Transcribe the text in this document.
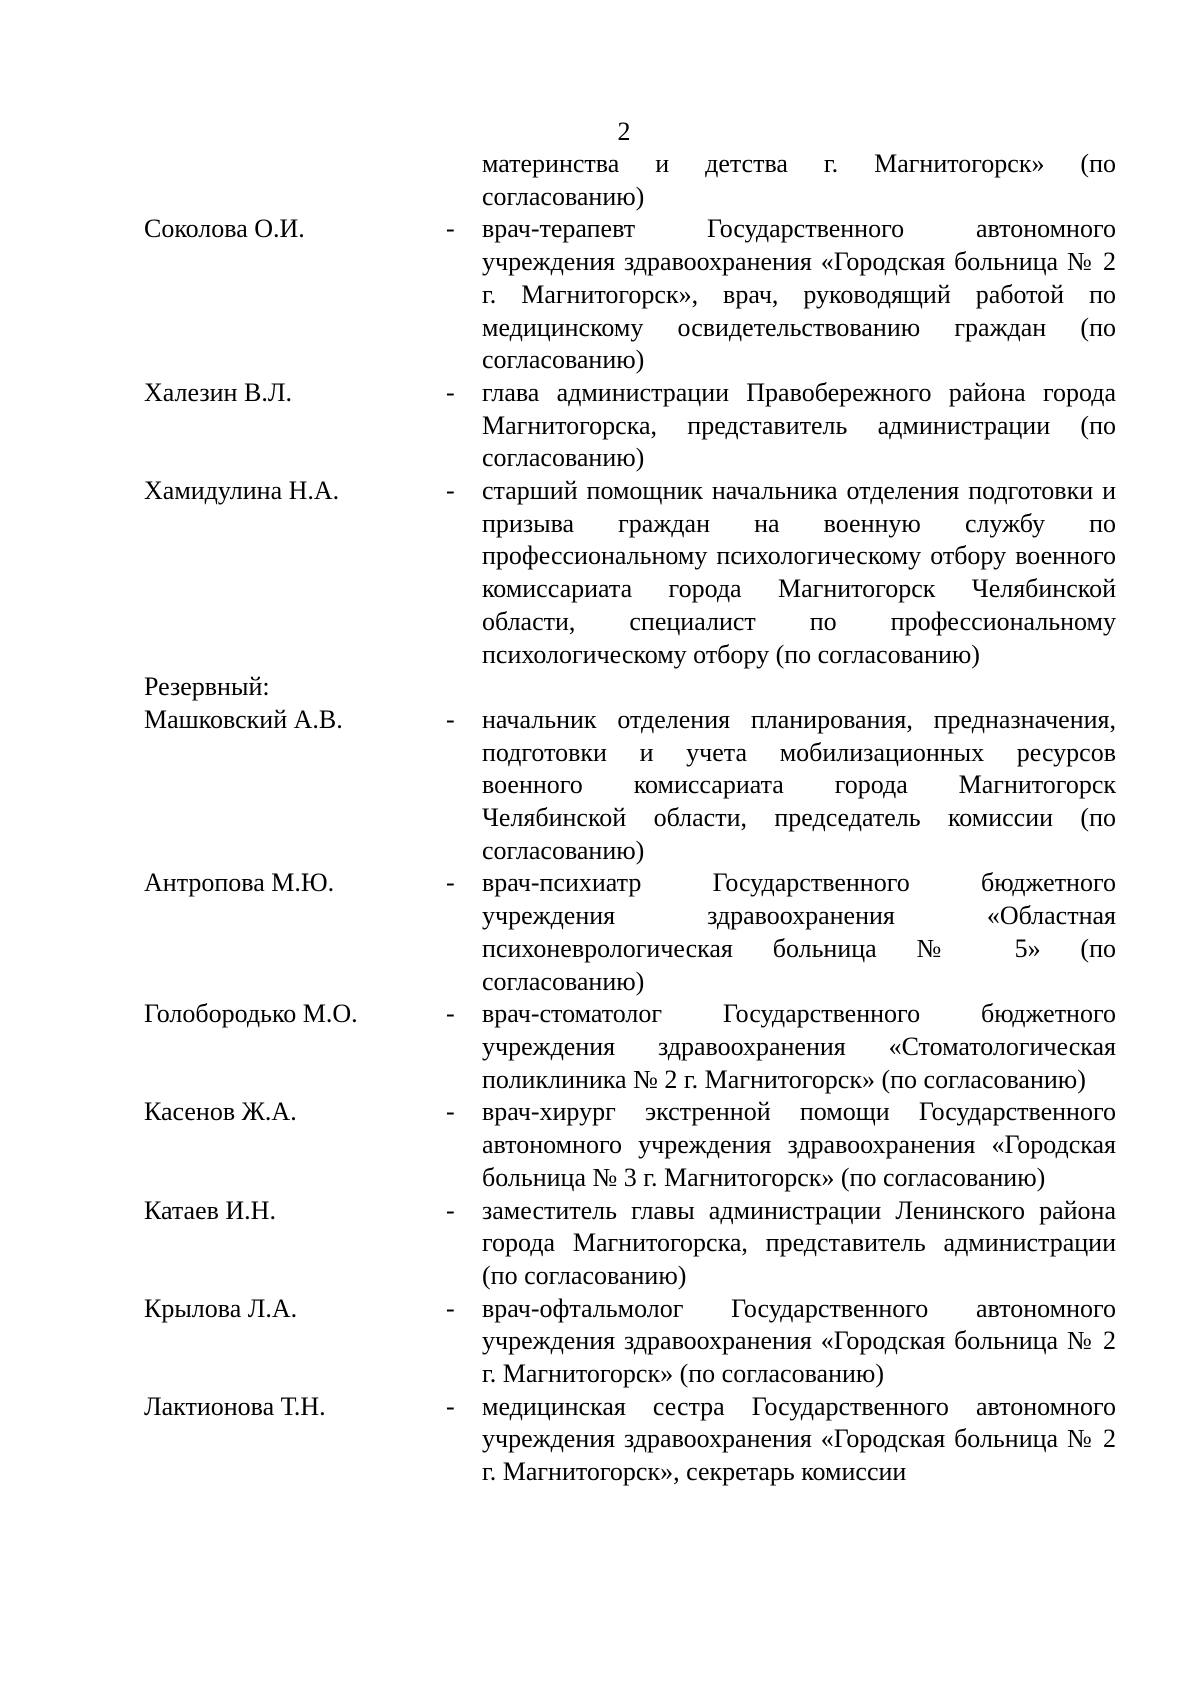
2
материнства и детства г. Магнитогорск» (по согласованию)
Соколова О.И.	-	врач-терапевт Государственного автономного учреждения здравоохранения «Городская больница № 2 г. Магнитогорск», врач, руководящий работой по медицинскому освидетельствованию граждан (по согласованию)
Халезин В.Л.	-	глава администрации Правобережного района города Магнитогорска, представитель администрации (по согласованию)
Хамидулина Н.А.	-	старший помощник начальника отделения подготовки и призыва граждан на военную службу по профессиональному психологическому отбору военного комиссариата города Магнитогорск Челябинской области, специалист по профессиональному психологическому отбору (по согласованию)
Резервный:
Машковский А.В.	-	начальник отделения планирования, предназначения, подготовки и учета мобилизационных ресурсов военного комиссариата города Магнитогорск Челябинской области, председатель комиссии (по согласованию)
Антропова М.Ю.	-	врач-психиатр Государственного бюджетного учреждения здравоохранения «Областная психоневрологическая больница № 5» (по согласованию)
Голобородько М.О.	-	врач-стоматолог Государственного бюджетного учреждения здравоохранения «Стоматологическая поликлиника № 2 г. Магнитогорск» (по согласованию)
Касенов Ж.А.	-	врач-хирург экстренной помощи Государственного автономного учреждения здравоохранения «Городская больница № 3 г. Магнитогорск» (по согласованию)
Катаев И.Н.	-	заместитель главы администрации Ленинского района города Магнитогорска, представитель администрации (по согласованию)
Крылова Л.А.	-	врач-офтальмолог Государственного автономного учреждения здравоохранения «Городская больница № 2 г. Магнитогорск» (по согласованию)
Лактионова Т.Н.	-	медицинская сестра Государственного автономного учреждения здравоохранения «Городская больница № 2 г. Магнитогорск», секретарь комиссии
